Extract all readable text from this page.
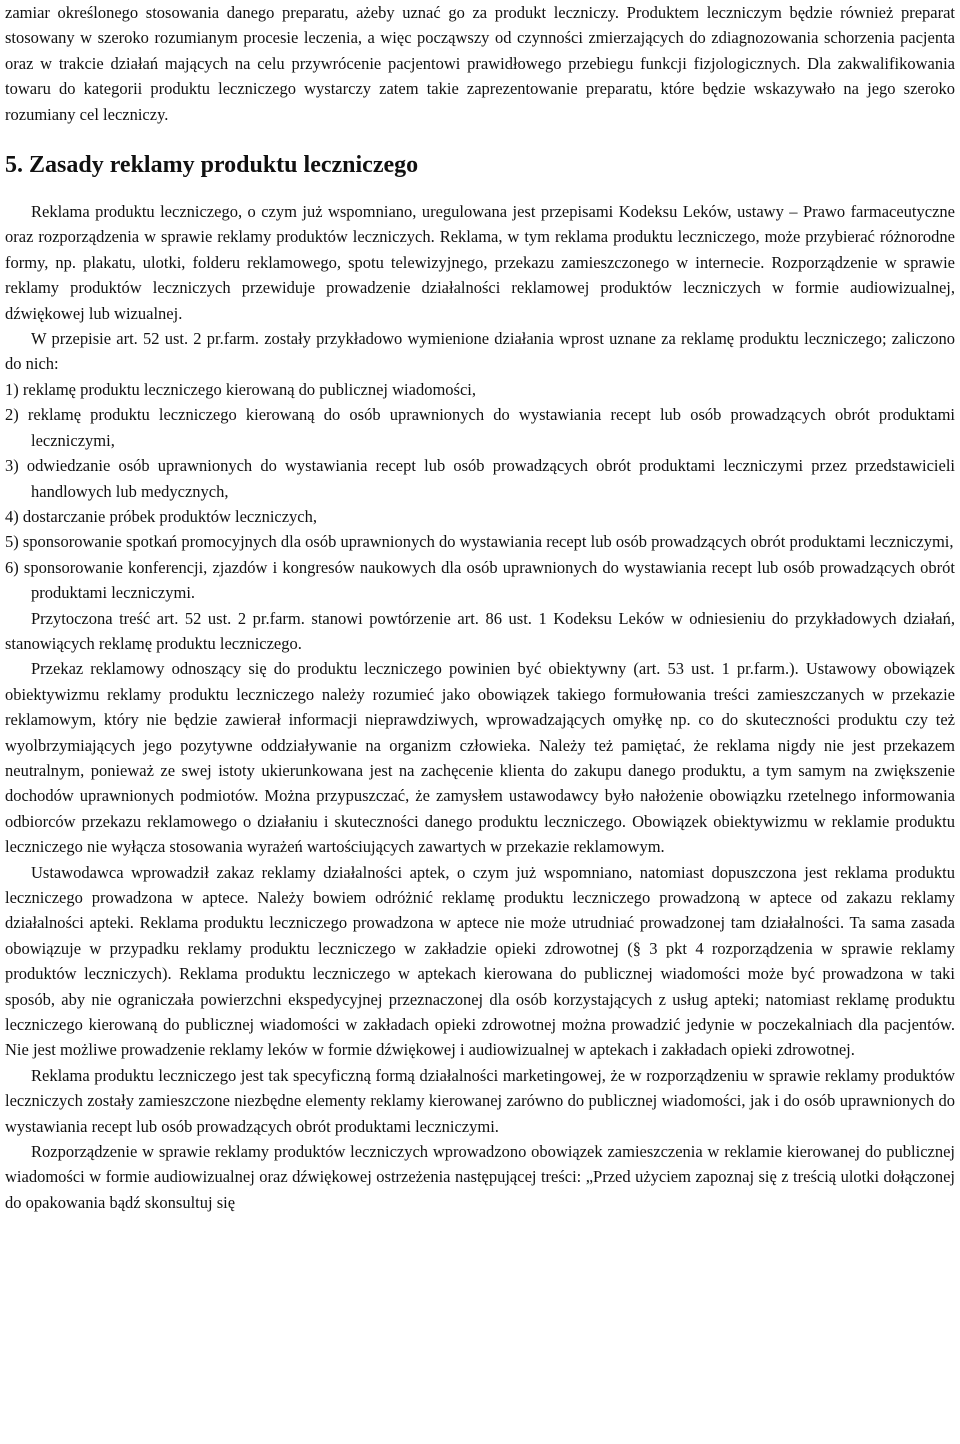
zamiar określonego stosowania danego preparatu, ażeby uznać go za produkt leczniczy. Produktem leczniczym będzie również preparat stosowany w szeroko rozumianym procesie leczenia, a więc począwszy od czynności zmierzających do zdiagnozowania schorzenia pacjenta oraz w trakcie działań mających na celu przywrócenie pacjentowi prawidłowego przebiegu funkcji fizjologicznych. Dla zakwalifikowania towaru do kategorii produktu leczniczego wystarczy zatem takie zaprezentowanie preparatu, które będzie wskazywało na jego szeroko rozumiany cel leczniczy.

5. Zasady reklamy produktu leczniczego

Reklama produktu leczniczego, o czym już wspomniano, uregulowana jest przepisami Kodeksu Leków, ustawy – Prawo farmaceutyczne oraz rozporządzenia w sprawie reklamy produktów leczniczych. Reklama, w tym reklama produktu leczniczego, może przybierać różnorodne formy, np. plakatu, ulotki, folderu reklamowego, spotu telewizyjnego, przekazu zamieszczonego w internecie. Rozporządzenie w sprawie reklamy produktów leczniczych przewiduje prowadzenie działalności reklamowej produktów leczniczych w formie audiowizualnej, dźwiękowej lub wizualnej.

W przepisie art. 52 ust. 2 pr.farm. zostały przykładowo wymienione działania wprost uznane za reklamę produktu leczniczego; zaliczono do nich:

1) reklamę produktu leczniczego kierowaną do publicznej wiadomości,
2) reklamę produktu leczniczego kierowaną do osób uprawnionych do wystawiania recept lub osób prowadzących obrót produktami leczniczymi,
3) odwiedzanie osób uprawnionych do wystawiania recept lub osób prowadzących obrót produktami leczniczymi przez przedstawicieli handlowych lub medycznych,
4) dostarczanie próbek produktów leczniczych,
5) sponsorowanie spotkań promocyjnych dla osób uprawnionych do wystawiania recept lub osób prowadzących obrót produktami leczniczymi,
6) sponsorowanie konferencji, zjazdów i kongresów naukowych dla osób uprawnionych do wystawiania recept lub osób prowadzących obrót produktami leczniczymi.

Przytoczona treść art. 52 ust. 2 pr.farm. stanowi powtórzenie art. 86 ust. 1 Kodeksu Leków w odniesieniu do przykładowych działań, stanowiących reklamę produktu leczniczego.

Przekaz reklamowy odnoszący się do produktu leczniczego powinien być obiektywny (art. 53 ust. 1 pr.farm.). Ustawowy obowiązek obiektywizmu reklamy produktu leczniczego należy rozumieć jako obowiązek takiego formułowania treści zamieszczanych w przekazie reklamowym, który nie będzie zawierał informacji nieprawdziwych, wprowadzających omyłkę np. co do skuteczności produktu czy też wyolbrzymiających jego pozytywne oddziaływanie na organizm człowieka. Należy też pamiętać, że reklama nigdy nie jest przekazem neutralnym, ponieważ ze swej istoty ukierunkowana jest na zachęcenie klienta do zakupu danego produktu, a tym samym na zwiększenie dochodów uprawnionych podmiotów. Można przypuszczać, że zamysłem ustawodawcy było nałożenie obowiązku rzetelnego informowania odbiorców przekazu reklamowego o działaniu i skuteczności danego produktu leczniczego. Obowiązek obiektywizmu w reklamie produktu leczniczego nie wyłącza stosowania wyrażeń wartościujących zawartych w przekazie reklamowym.

Ustawodawca wprowadził zakaz reklamy działalności aptek, o czym już wspomniano, natomiast dopuszczona jest reklama produktu leczniczego prowadzona w aptece. Należy bowiem odróżnić reklamę produktu leczniczego prowadzoną w aptece od zakazu reklamy działalności apteki. Reklama produktu leczniczego prowadzona w aptece nie może utrudniać prowadzonej tam działalności. Ta sama zasada obowiązuje w przypadku reklamy produktu leczniczego w zakładzie opieki zdrowotnej (§ 3 pkt 4 rozporządzenia w sprawie reklamy produktów leczniczych). Reklama produktu leczniczego w aptekach kierowana do publicznej wiadomości może być prowadzona w taki sposób, aby nie ograniczała powierzchni ekspedycyjnej przeznaczonej dla osób korzystających z usług apteki; natomiast reklamę produktu leczniczego kierowaną do publicznej wiadomości w zakładach opieki zdrowotnej można prowadzić jedynie w poczekalniach dla pacjentów. Nie jest możliwe prowadzenie reklamy leków w formie dźwiękowej i audiowizualnej w aptekach i zakładach opieki zdrowotnej.

Reklama produktu leczniczego jest tak specyficzną formą działalności marketingowej, że w rozporządzeniu w sprawie reklamy produktów leczniczych zostały zamieszczone niezbędne elementy reklamy kierowanej zarówno do publicznej wiadomości, jak i do osób uprawnionych do wystawiania recept lub osób prowadzących obrót produktami leczniczymi.

Rozporządzenie w sprawie reklamy produktów leczniczych wprowadzono obowiązek zamieszczenia w reklamie kierowanej do publicznej wiadomości w formie audiowizualnej oraz dźwiękowej ostrzeżenia następującej treści: „Przed użyciem zapoznaj się z treścią ulotki dołączonej do opakowania bądź skonsultuj się
